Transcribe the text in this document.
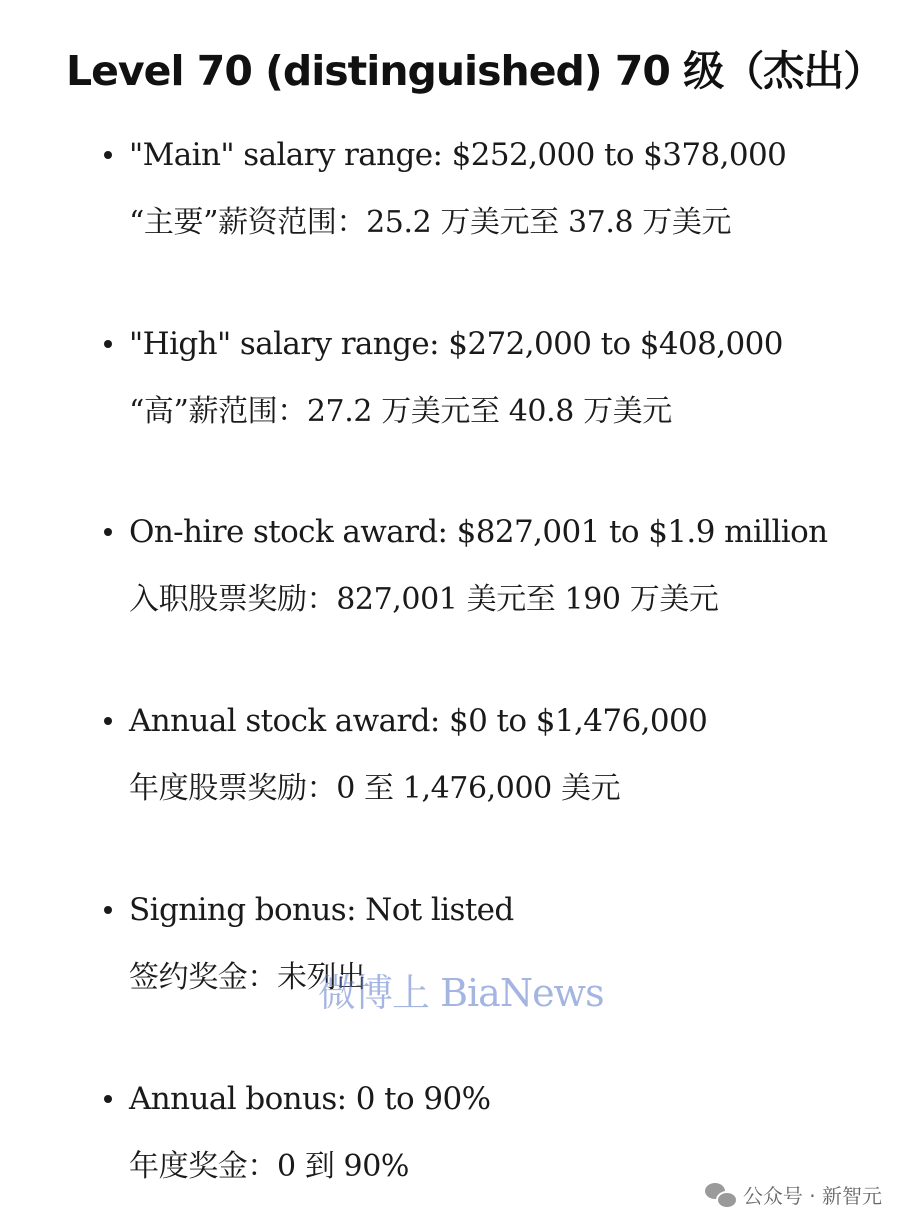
Level 70 (distinguished) 70 级（杰出）
"Main" salary range: $252,000 to $378,000
“主要”薪资范围：25.2 万美元至 37.8 万美元
"High" salary range: $272,000 to $408,000
“高”薪范围：27.2 万美元至 40.8 万美元
On-hire stock award: $827,001 to $1.9 million
入职股票奖励：827,001 美元至 190 万美元
Annual stock award: $0 to $1,476,000
年度股票奖励：0 至 1,476,000 美元
Signing bonus: Not listed
签约奖金：未列出
Annual bonus: 0 to 90%
年度奖金：0 到 90%
微博上 BiaNews
公众号 · 新智元
